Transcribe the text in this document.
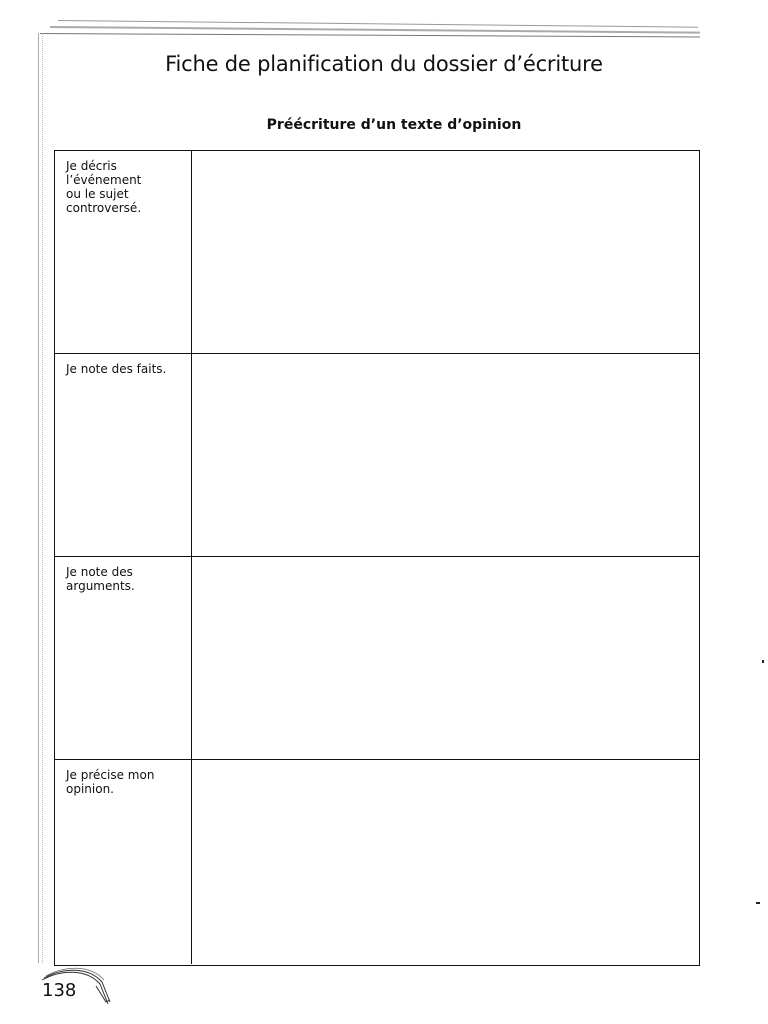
Fiche de planification du dossier d’écriture
Préécriture d’un texte d’opinion
Je décris
l’événement
ou le sujet
controversé.
Je note des faits.
Je note des
arguments.
Je précise mon
opinion.
138
